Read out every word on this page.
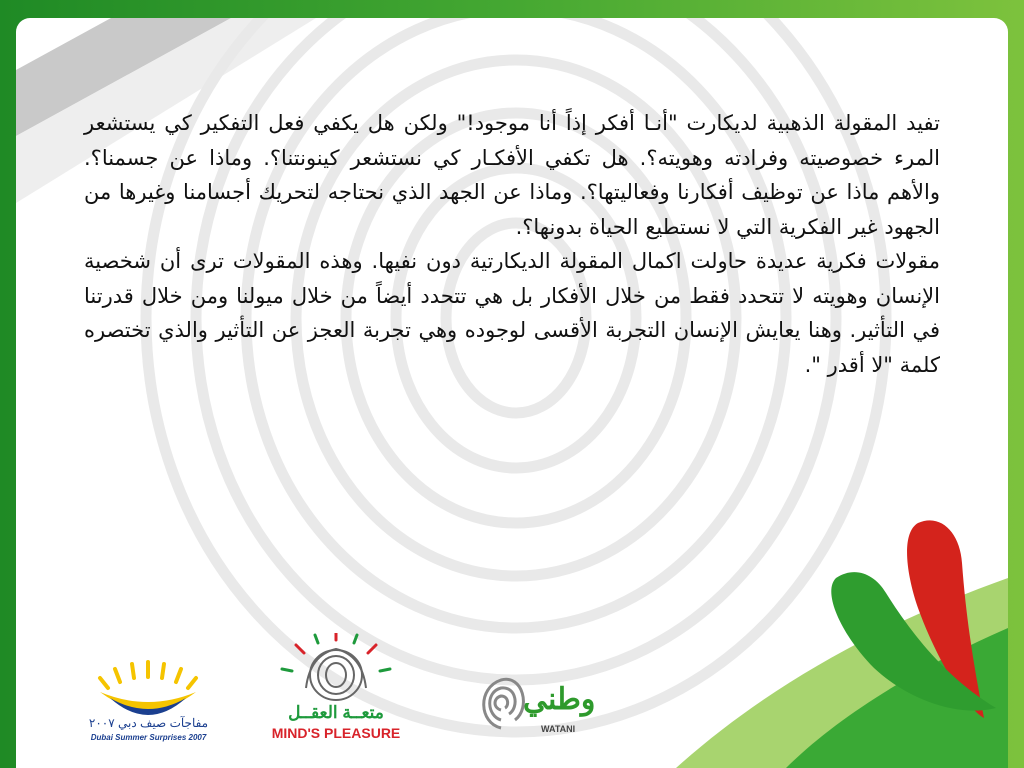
تفيد المقولة الذهبية لديكارت "أنـا أفكر إذاً أنا موجود!" ولكن هل يكفي فعل التفكير كي يستشعر المرء خصوصيته وفرادته وهويته؟. هل تكفي الأفكـار كي نستشعر كينونتنا؟. وماذا عن جسمنا؟. والأهم ماذا عن توظيف أفكارنا وفعاليتها؟. وماذا عن الجهد الذي نحتاجه لتحريك أجسامنا وغيرها من الجهود غير الفكرية التي لا نستطيع الحياة بدونها؟.

مقولات فكرية عديدة حاولت اكمال المقولة الديكارتية دون نفيها. وهذه المقولات ترى أن شخصية الإنسان وهويته لا تتحدد فقط من خلال الأفكار بل هي تتحدد أيضاً من خلال ميولنا ومن خلال قدرتنا في التأثير. وهنا يعايش الإنسان التجربة الأقسى لوجوده وهي تجربة العجز عن التأثير والذي تختصره كلمة "لا أقدر ".

مفاجآت صيف دبي ٢٠٠٧
Dubai Summer Surprises 2007
متعــة العقــل
MIND'S PLEASURE
وطني
WATANI
